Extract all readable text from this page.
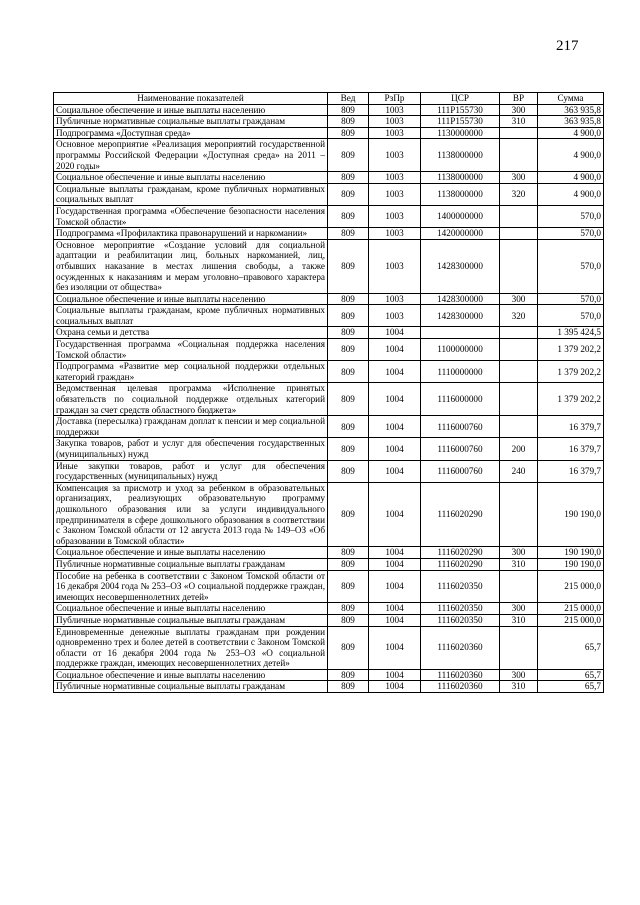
217
Наименование показателей	Вед	РзПр	ЦСР	ВР	Сумма
Социальное обеспечение и иные выплаты населению	809	1003	111P155730	300	363 935,8
Публичные нормативные социальные выплаты гражданам	809	1003	111P155730	310	363 935,8
Подпрограмма «Доступная среда»	809	1003	1130000000		4 900,0
Основное мероприятие «Реализация мероприятий государственной программы Российской Федерации «Доступная среда» на 2011 – 2020 годы»	809	1003	1138000000		4 900,0
Социальное обеспечение и иные выплаты населению	809	1003	1138000000	300	4 900,0
Социальные выплаты гражданам, кроме публичных нормативных социальных выплат	809	1003	1138000000	320	4 900,0
Государственная программа «Обеспечение безопасности населения Томской области»	809	1003	1400000000		570,0
Подпрограмма «Профилактика правонарушений и наркомании»	809	1003	1420000000		570,0
Основное мероприятие «Создание условий для социальной адаптации и реабилитации лиц, больных наркоманией, лиц, отбывших наказание в местах лишения свободы, а также осужденных к наказаниям и мерам уголовно–правового характера без изоляции от общества»	809	1003	1428300000		570,0
Социальное обеспечение и иные выплаты населению	809	1003	1428300000	300	570,0
Социальные выплаты гражданам, кроме публичных нормативных социальных выплат	809	1003	1428300000	320	570,0
Охрана семьи и детства	809	1004			1 395 424,5
Государственная программа «Социальная поддержка населения Томской области»	809	1004	1100000000		1 379 202,2
Подпрограмма «Развитие мер социальной поддержки отдельных категорий граждан»	809	1004	1110000000		1 379 202,2
Ведомственная целевая программа «Исполнение принятых обязательств по социальной поддержке отдельных категорий граждан за счет средств областного бюджета»	809	1004	1116000000		1 379 202,2
Доставка (пересылка) гражданам доплат к пенсии и мер социальной поддержки	809	1004	1116000760		16 379,7
Закупка товаров, работ и услуг для обеспечения государственных (муниципальных) нужд	809	1004	1116000760	200	16 379,7
Иные закупки товаров, работ и услуг для обеспечения государственных (муниципальных) нужд	809	1004	1116000760	240	16 379,7
Компенсация за присмотр и уход за ребенком в образовательных организациях, реализующих образовательную программу дошкольного образования или за услуги индивидуального предпринимателя в сфере дошкольного образования в соответствии с Законом Томской области от 12 августа 2013 года № 149–ОЗ «Об образовании в Томской области»	809	1004	1116020290		190 190,0
Социальное обеспечение и иные выплаты населению	809	1004	1116020290	300	190 190,0
Публичные нормативные социальные выплаты гражданам	809	1004	1116020290	310	190 190,0
Пособие на ребенка в соответствии с Законом Томской области от 16 декабря 2004 года № 253–ОЗ «О социальной поддержке граждан, имеющих несовершеннолетних детей»	809	1004	1116020350		215 000,0
Социальное обеспечение и иные выплаты населению	809	1004	1116020350	300	215 000,0
Публичные нормативные социальные выплаты гражданам	809	1004	1116020350	310	215 000,0
Единовременные денежные выплаты гражданам при рождении одновременно трех и более детей в соответствии с Законом Томской области от 16 декабря 2004 года № 253–ОЗ «О социальной поддержке граждан, имеющих несовершеннолетних детей»	809	1004	1116020360		65,7
Социальное обеспечение и иные выплаты населению	809	1004	1116020360	300	65,7
Публичные нормативные социальные выплаты гражданам	809	1004	1116020360	310	65,7
